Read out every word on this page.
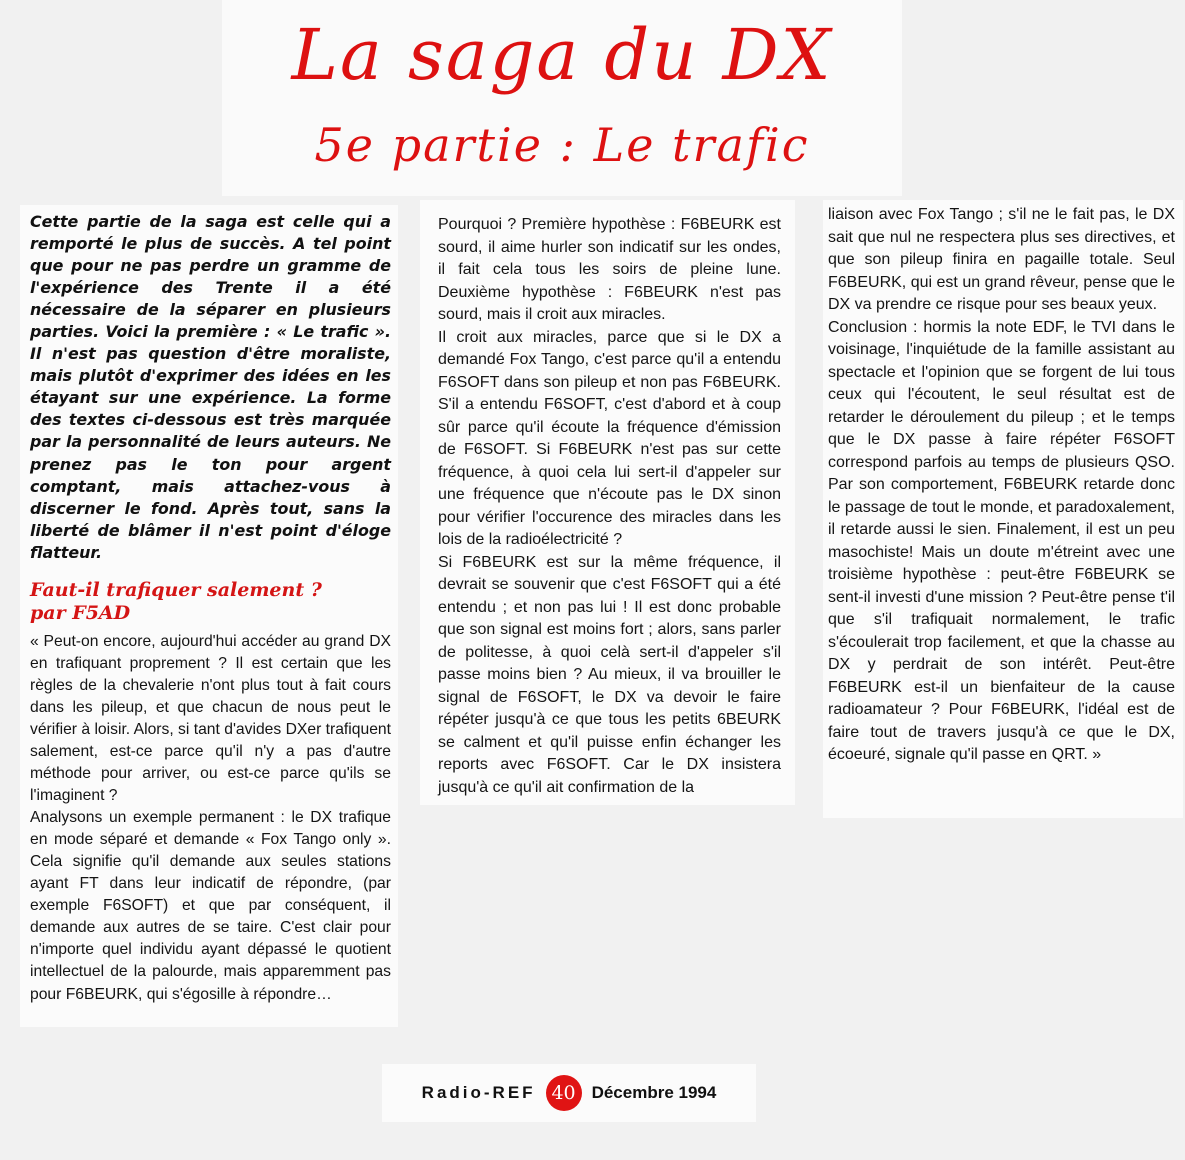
La saga du DX
5e partie : Le trafic

Cette partie de la saga est celle qui a remporté le plus de succès. A tel point que pour ne pas perdre un gramme de l'expérience des Trente il a été nécessaire de la séparer en plusieurs parties. Voici la première : « Le trafic ». Il n'est pas question d'être moraliste, mais plutôt d'exprimer des idées en les étayant sur une expérience. La forme des textes ci-dessous est très marquée par la personnalité de leurs auteurs. Ne prenez pas le ton pour argent comptant, mais attachez-vous à discerner le fond. Après tout, sans la liberté de blâmer il n'est point d'éloge flatteur.

Faut-il trafiquer salement ?
par F5AD

« Peut-on encore, aujourd'hui accéder au grand DX en trafiquant proprement ? Il est certain que les règles de la chevalerie n'ont plus tout à fait cours dans les pileup, et que chacun de nous peut le vérifier à loisir. Alors, si tant d'avides DXer trafiquent salement, est-ce parce qu'il n'y a pas d'autre méthode pour arriver, ou est-ce parce qu'ils se l'imaginent ?
Analysons un exemple permanent : le DX trafique en mode séparé et demande « Fox Tango only ». Cela signifie qu'il demande aux seules stations ayant FT dans leur indicatif de répondre, (par exemple F6SOFT) et que par conséquent, il demande aux autres de se taire. C'est clair pour n'importe quel individu ayant dépassé le quotient intellectuel de la palourde, mais apparemment pas pour F6BEURK, qui s'égosille à répondre…

Pourquoi ? Première hypothèse : F6BEURK est sourd, il aime hurler son indicatif sur les ondes, il fait cela tous les soirs de pleine lune. Deuxième hypothèse : F6BEURK n'est pas sourd, mais il croit aux miracles.
Il croit aux miracles, parce que si le DX a demandé Fox Tango, c'est parce qu'il a entendu F6SOFT dans son pileup et non pas F6BEURK. S'il a entendu F6SOFT, c'est d'abord et à coup sûr parce qu'il écoute la fréquence d'émission de F6SOFT. Si F6BEURK n'est pas sur cette fréquence, à quoi cela lui sert-il d'appeler sur une fréquence que n'écoute pas le DX sinon pour vérifier l'occurence des miracles dans les lois de la radioélectricité ?
Si F6BEURK est sur la même fréquence, il devrait se souvenir que c'est F6SOFT qui a été entendu ; et non pas lui ! Il est donc probable que son signal est moins fort ; alors, sans parler de politesse, à quoi celà sert-il d'appeler s'il passe moins bien ? Au mieux, il va brouiller le signal de F6SOFT, le DX va devoir le faire répéter jusqu'à ce que tous les petits 6BEURK se calment et qu'il puisse enfin échanger les reports avec F6SOFT. Car le DX insistera jusqu'à ce qu'il ait confirmation de la

liaison avec Fox Tango ; s'il ne le fait pas, le DX sait que nul ne respectera plus ses directives, et que son pileup finira en pagaille totale. Seul F6BEURK, qui est un grand rêveur, pense que le DX va prendre ce risque pour ses beaux yeux.
Conclusion : hormis la note EDF, le TVI dans le voisinage, l'inquiétude de la famille assistant au spectacle et l'opinion que se forgent de lui tous ceux qui l'écoutent, le seul résultat est de retarder le déroulement du pileup ; et le temps que le DX passe à faire répéter F6SOFT correspond parfois au temps de plusieurs QSO. Par son comportement, F6BEURK retarde donc le passage de tout le monde, et paradoxalement, il retarde aussi le sien. Finalement, il est un peu masochiste! Mais un doute m'étreint avec une troisième hypothèse : peut-être F6BEURK se sent-il investi d'une mission ? Peut-être pense t'il que s'il trafiquait normalement, le trafic s'écoulerait trop facilement, et que la chasse au DX y perdrait de son intérêt. Peut-être F6BEURK est-il un bienfaiteur de la cause radioamateur ? Pour F6BEURK, l'idéal est de faire tout de travers jusqu'à ce que le DX, écoeuré, signale qu'il passe en QRT. »

Radio-REF 40 Décembre 1994
